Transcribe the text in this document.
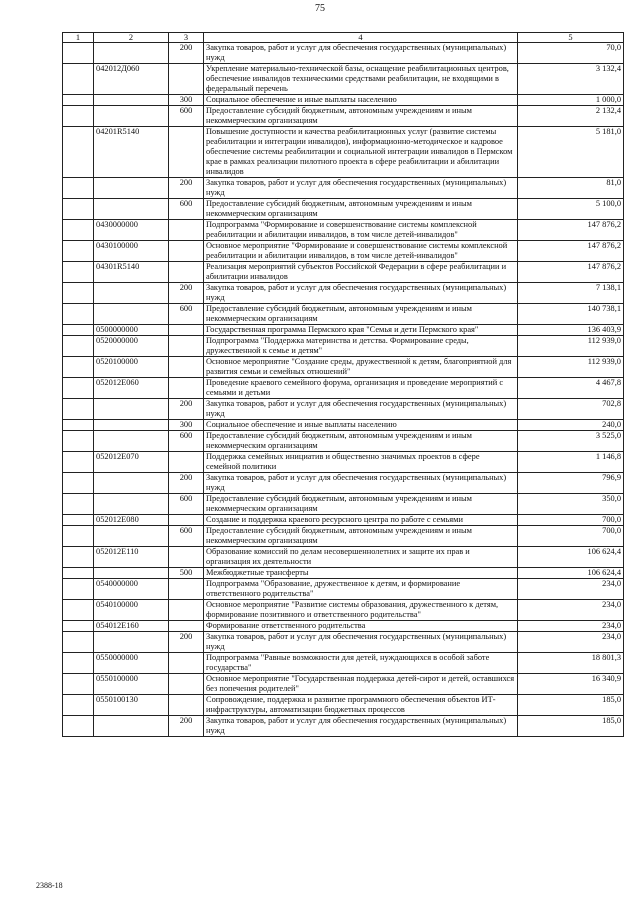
75
1	2	3	4	5
		200	Закупка товаров, работ и услуг для обеспечения государственных (муниципальных) нужд	70,0
	042012Д060		Укрепление материально-технической базы, оснащение реабилитационных центров, обеспечение инвалидов техническими средствами реабилитации, не входящими в федеральный перечень	3 132,4
		300	Социальное обеспечение и иные выплаты населению	1 000,0
		600	Предоставление субсидий бюджетным, автономным учреждениям и иным некоммерческим организациям	2 132,4
	04201R5140		Повышение доступности и качества реабилитационных услуг (развитие системы реабилитации и интеграции инвалидов), информационно-методическое и кадровое обеспечение системы реабилитации и социальной интеграции инвалидов в Пермском крае в рамках реализации пилотного проекта в сфере реабилитации и абилитации инвалидов	5 181,0
		200	Закупка товаров, работ и услуг для обеспечения государственных (муниципальных) нужд	81,0
		600	Предоставление субсидий бюджетным, автономным учреждениям и иным некоммерческим организациям	5 100,0
	0430000000		Подпрограмма "Формирование и совершенствование системы комплексной реабилитации и абилитации инвалидов, в том числе детей-инвалидов"	147 876,2
	0430100000		Основное мероприятие "Формирование и совершенствование системы комплексной реабилитации и абилитации инвалидов, в том числе детей-инвалидов"	147 876,2
	04301R5140		Реализация мероприятий субъектов Российской Федерации в сфере реабилитации и абилитации инвалидов	147 876,2
		200	Закупка товаров, работ и услуг для обеспечения государственных (муниципальных) нужд	7 138,1
		600	Предоставление субсидий бюджетным, автономным учреждениям и иным некоммерческим организациям	140 738,1
	0500000000		Государственная программа Пермского края "Семья и дети Пермского края"	136 403,9
	0520000000		Подпрограмма "Поддержка материнства и детства. Формирование среды, дружественной к семье и детям"	112 939,0
	0520100000		Основное мероприятие "Создание среды, дружественной к детям, благоприятной для развития семьи и семейных отношений"	112 939,0
	052012Е060		Проведение краевого семейного форума, организация и проведение мероприятий с семьями и детьми	4 467,8
		200	Закупка товаров, работ и услуг для обеспечения государственных (муниципальных) нужд	702,8
		300	Социальное обеспечение и иные выплаты населению	240,0
		600	Предоставление субсидий бюджетным, автономным учреждениям и иным некоммерческим организациям	3 525,0
	052012Е070		Поддержка семейных инициатив и общественно значимых проектов в сфере семейной политики	1 146,8
		200	Закупка товаров, работ и услуг для обеспечения государственных (муниципальных) нужд	796,9
		600	Предоставление субсидий бюджетным, автономным учреждениям и иным некоммерческим организациям	350,0
	052012Е080		Создание и поддержка краевого ресурсного центра по работе с семьями	700,0
		600	Предоставление субсидий бюджетным, автономным учреждениям и иным некоммерческим организациям	700,0
	052012Е110		Образование комиссий по делам несовершеннолетних и защите их прав и организация их деятельности	106 624,4
		500	Межбюджетные трансферты	106 624,4
	0540000000		Подпрограмма "Образование, дружественное к детям, и формирование ответственного родительства"	234,0
	0540100000		Основное мероприятие "Развитие системы образования, дружественного к детям, формирование позитивного и ответственного родительства"	234,0
	054012Е160		Формирование ответственного родительства	234,0
		200	Закупка товаров, работ и услуг для обеспечения государственных (муниципальных) нужд	234,0
	0550000000		Подпрограмма "Равные возможности для детей, нуждающихся в особой заботе государства"	18 801,3
	0550100000		Основное мероприятие "Государственная поддержка детей-сирот и детей, оставшихся без попечения родителей"	16 340,9
	0550100130		Сопровождение, поддержка и развитие программного обеспечения объектов ИТ-инфраструктуры, автоматизации бюджетных процессов	185,0
		200	Закупка товаров, работ и услуг для обеспечения государственных (муниципальных) нужд	185,0
2388-18
